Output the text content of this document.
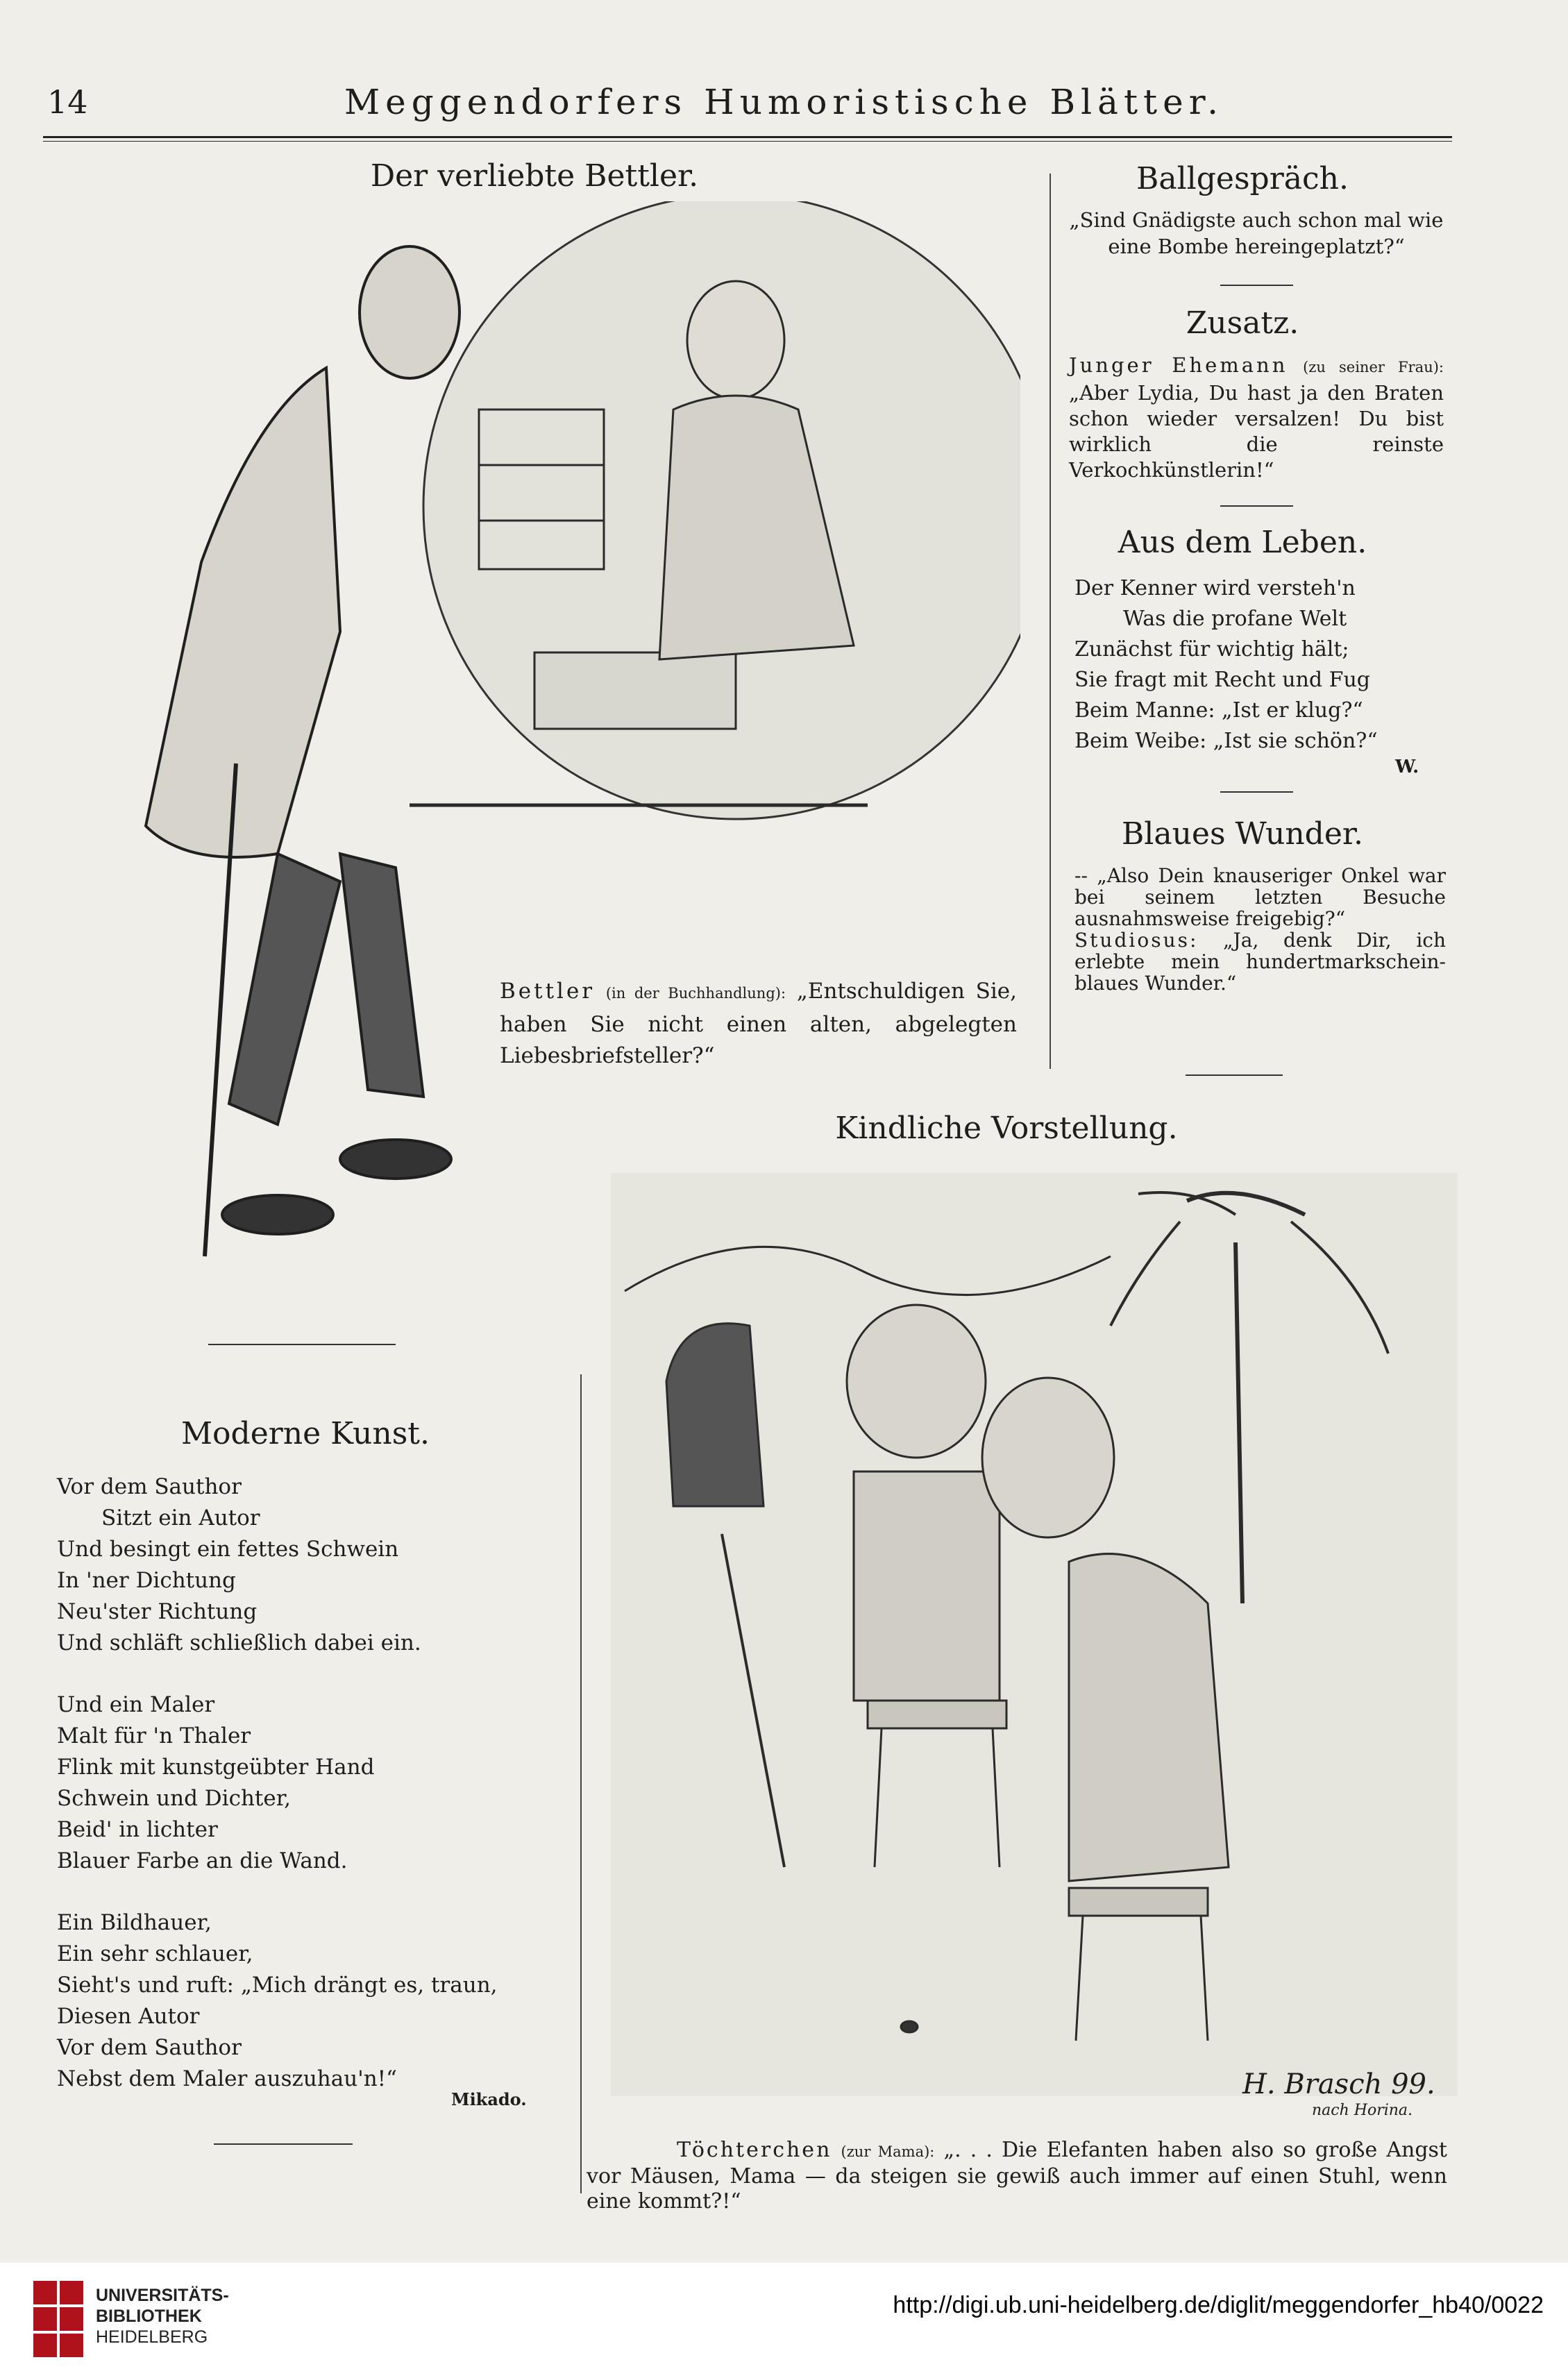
14	Meggendorfers Humoristische Blätter.
Der verliebte Bettler.
Bettler (in der Buchhandlung): „Entschuldigen Sie, haben Sie nicht einen alten, abgelegten Liebesbriefsteller?“
Ballgespräch.
„Sind Gnädigste auch schon mal wie eine Bombe hereingeplatzt?“
Zusatz.
Junger Ehemann (zu seiner Frau): „Aber Lydia, Du hast ja den Braten schon wieder versalzen! Du bist wirklich die reinste Verkochkünstlerin!“
Aus dem Leben.
Der Kenner wird versteh'n
Was die profane Welt
Zunächst für wichtig hält;
Sie fragt mit Recht und Fug
Beim Manne: „Ist er klug?“
Beim Weibe: „Ist sie schön?“
W.
Blaues Wunder.
-- „Also Dein knauseriger Onkel war bei seinem letzten Besuche ausnahmsweise freigebig?“
Studiosus: „Ja, denk Dir, ich erlebte mein hundertmarkschein-blaues Wunder.“
Kindliche Vorstellung.
H. Brasch 99.
nach Horina.
Töchterchen (zur Mama): „. . . Die Elefanten haben also so große Angst vor Mäusen, Mama — da steigen sie gewiß auch immer auf einen Stuhl, wenn eine kommt?!“
Moderne Kunst.
Vor dem Sauthor
Sitzt ein Autor
Und besingt ein fettes Schwein
In 'ner Dichtung
Neu'ster Richtung
Und schläft schließlich dabei ein.
Und ein Maler
Malt für 'n Thaler
Flink mit kunstgeübter Hand
Schwein und Dichter,
Beid' in lichter
Blauer Farbe an die Wand.
Ein Bildhauer,
Ein sehr schlauer,
Sieht's und ruft: „Mich drängt es, traun,
Diesen Autor
Vor dem Sauthor
Nebst dem Maler auszuhau'n!“
Mikado.
UNIVERSITÄTS-
BIBLIOTHEK
HEIDELBERG
http://digi.ub.uni-heidelberg.de/diglit/meggendorfer_hb40/0022
